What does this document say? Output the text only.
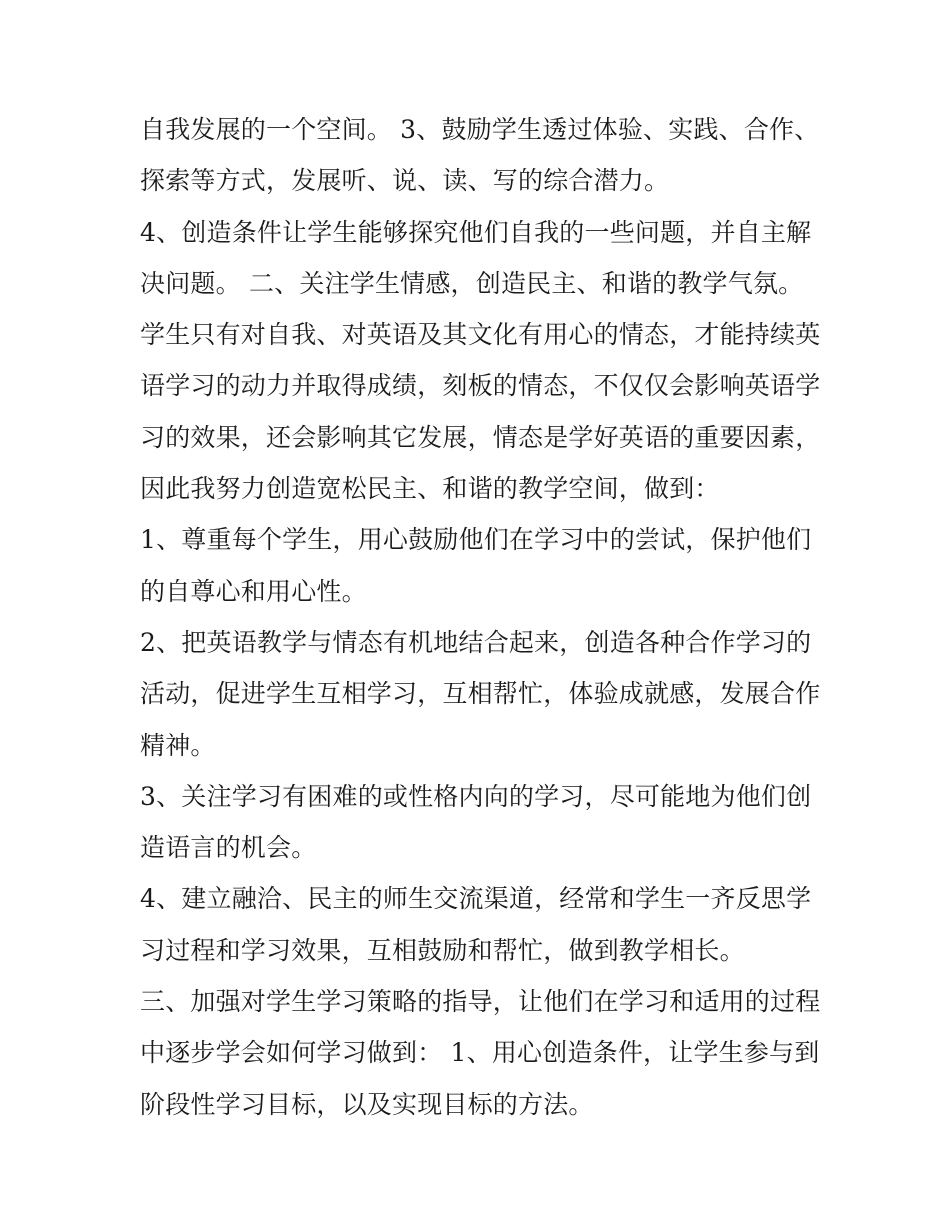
自我发展的一个空间。 3、鼓励学生透过体验、实践、合作、
探索等方式，发展听、说、读、写的综合潜力。
4、创造条件让学生能够探究他们自我的一些问题，并自主解
决问题。 二、关注学生情感，创造民主、和谐的教学气氛。
学生只有对自我、对英语及其文化有用心的情态，才能持续英
语学习的动力并取得成绩，刻板的情态，不仅仅会影响英语学
习的效果，还会影响其它发展，情态是学好英语的重要因素，
因此我努力创造宽松民主、和谐的教学空间，做到：
1、尊重每个学生，用心鼓励他们在学习中的尝试，保护他们
的自尊心和用心性。
2、把英语教学与情态有机地结合起来，创造各种合作学习的
活动，促进学生互相学习，互相帮忙，体验成就感，发展合作
精神。
3、关注学习有困难的或性格内向的学习，尽可能地为他们创
造语言的机会。
4、建立融洽、民主的师生交流渠道，经常和学生一齐反思学
习过程和学习效果，互相鼓励和帮忙，做到教学相长。
三、加强对学生学习策略的指导，让他们在学习和适用的过程
中逐步学会如何学习做到： 1、用心创造条件，让学生参与到
阶段性学习目标，以及实现目标的方法。
